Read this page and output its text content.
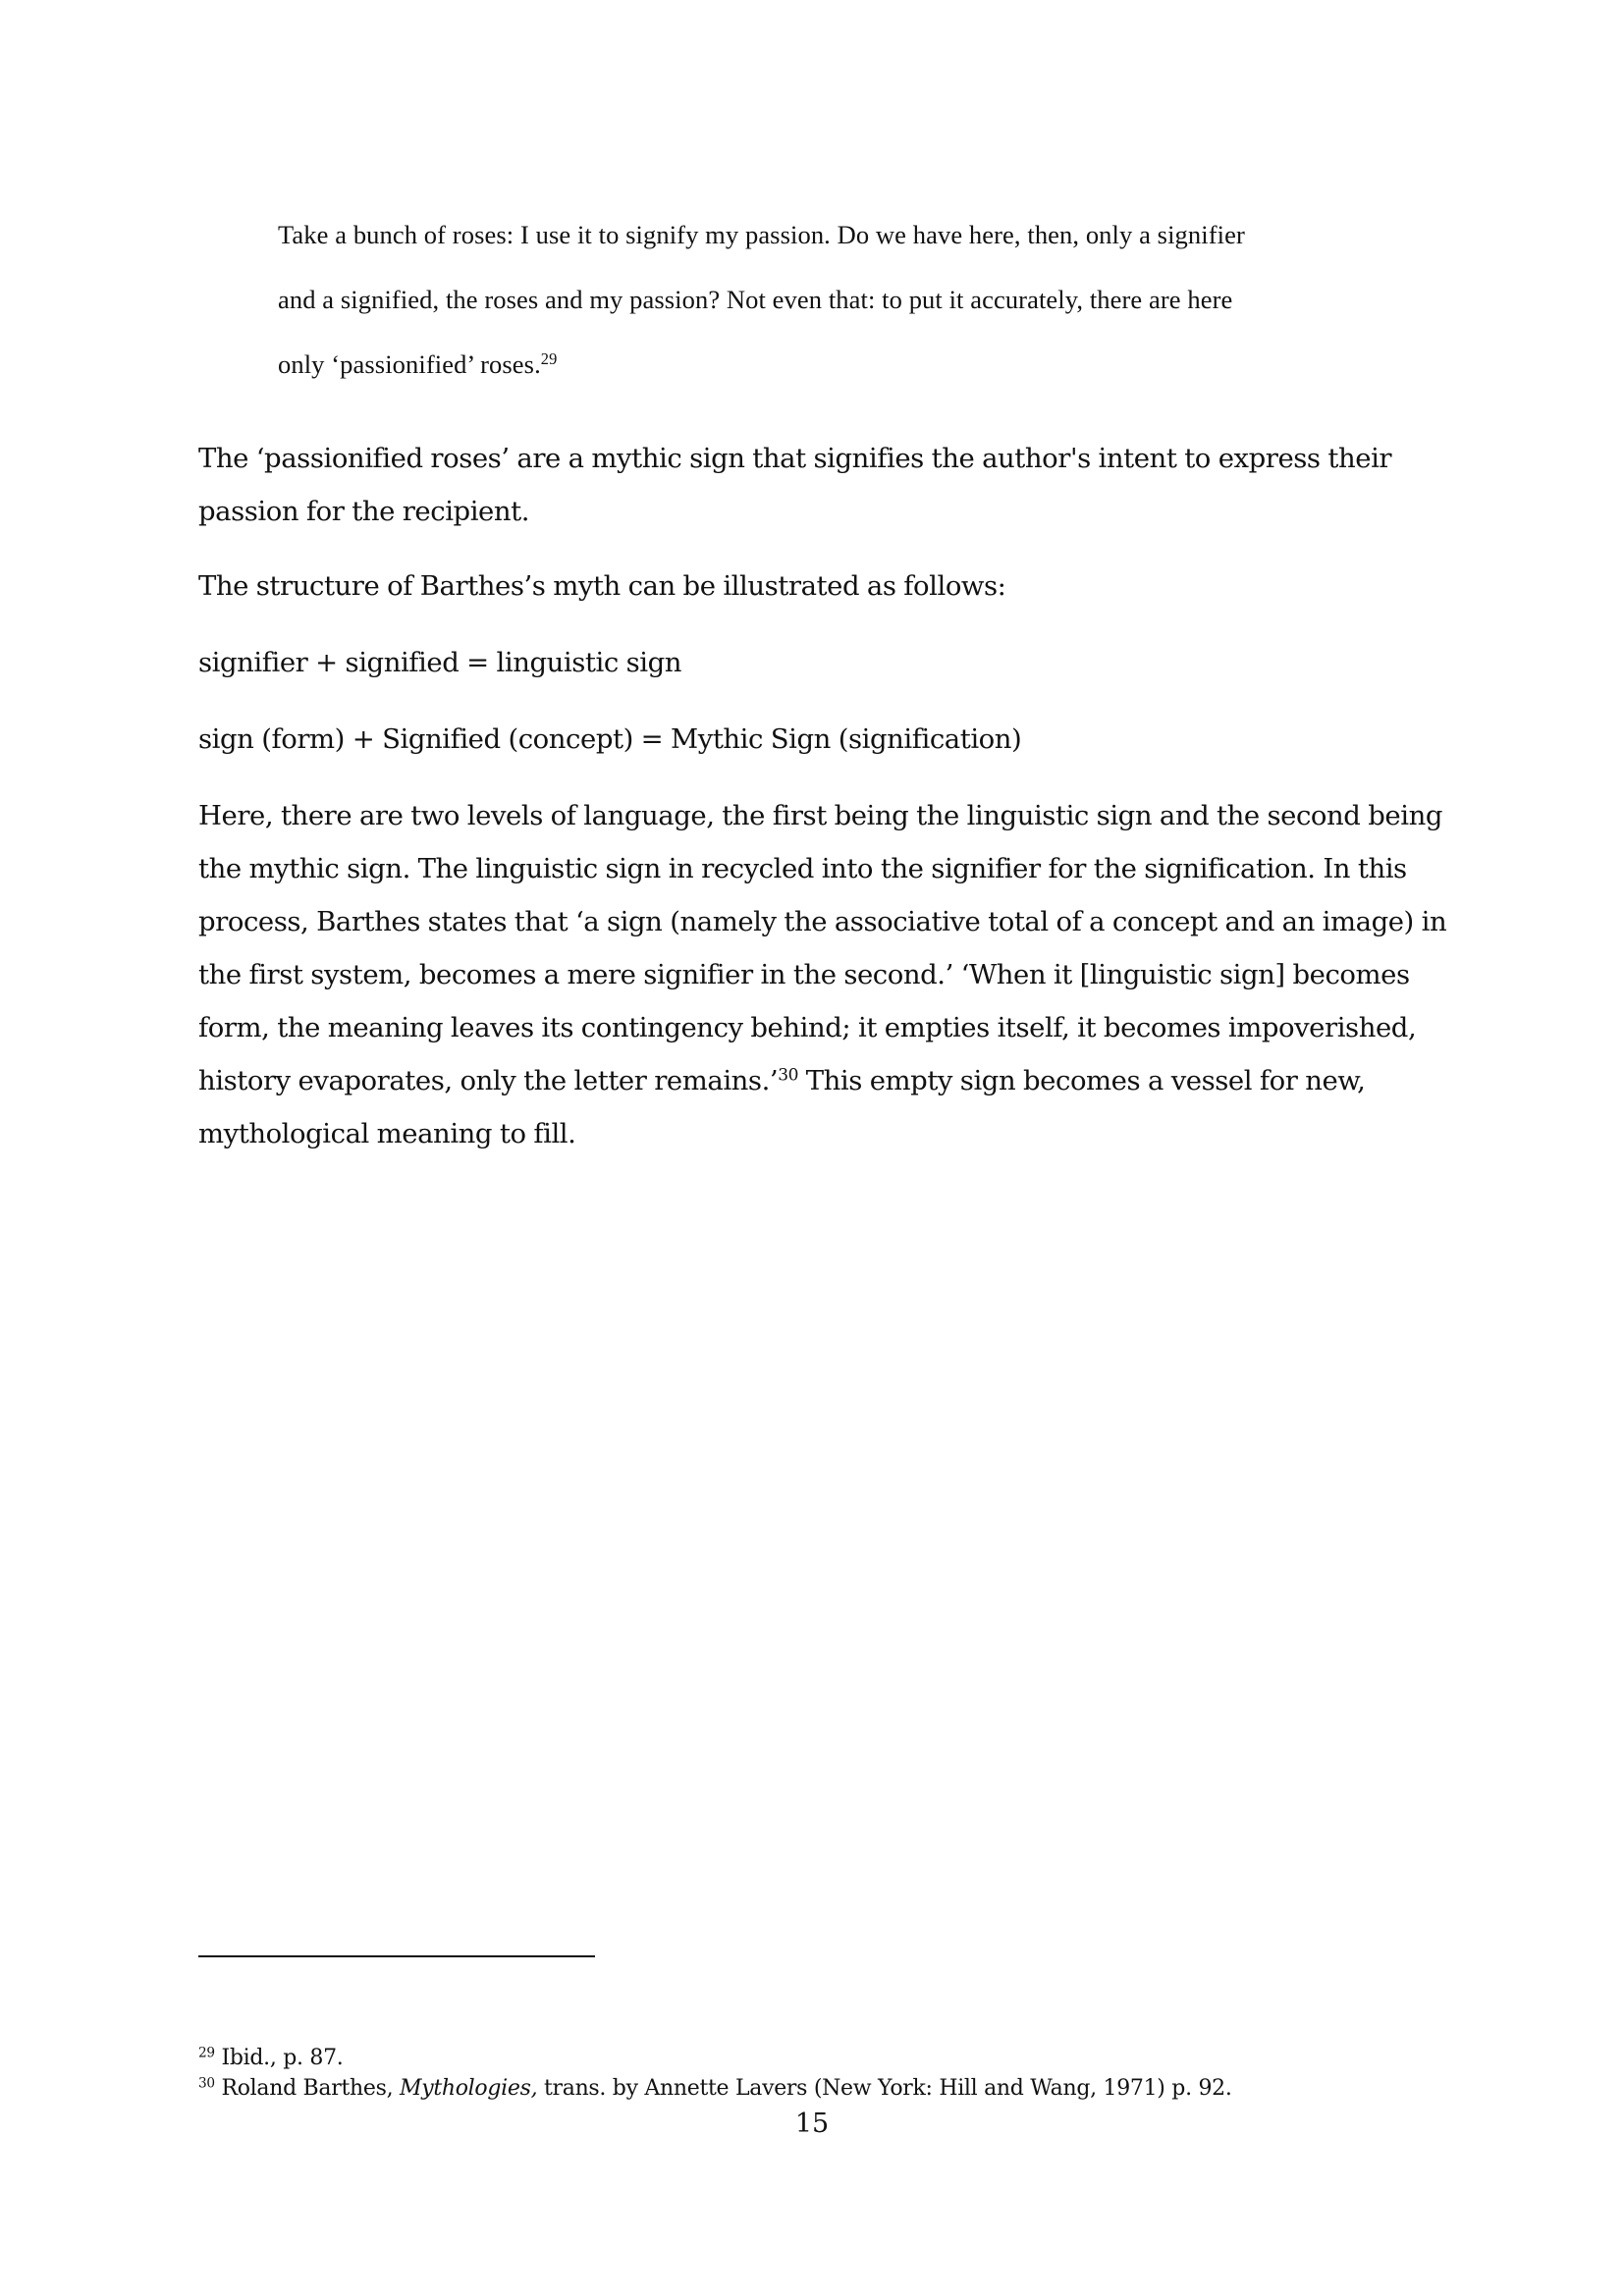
Take a bunch of roses: I use it to signify my passion. Do we have here, then, only a signifier
and a signified, the roses and my passion? Not even that: to put it accurately, there are here
only ‘passionified’ roses.$^{29}$

The ‘passionified roses’ are a mythic sign that signifies the author's intent to express their passion for the recipient.

The structure of Barthes’s myth can be illustrated as follows:

signifier + signified = linguistic sign

sign (form) + Signified (concept) = Mythic Sign (signification)

Here, there are two levels of language, the first being the linguistic sign and the second being the mythic sign. The linguistic sign in recycled into the signifier for the signification. In this process, Barthes states that ‘a sign (namely the associative total of a concept and an image) in the first system, becomes a mere signifier in the second.’ ‘When it [linguistic sign] becomes form, the meaning leaves its contingency behind; it empties itself, it becomes impoverished, history evaporates, only the letter remains.’$^{30}$ This empty sign becomes a vessel for new, mythological meaning to fill.

$^{29}$ Ibid., p. 87.
$^{30}$ Roland Barthes, Mythologies, trans. by Annette Lavers (New York: Hill and Wang, 1971) p. 92.
15
